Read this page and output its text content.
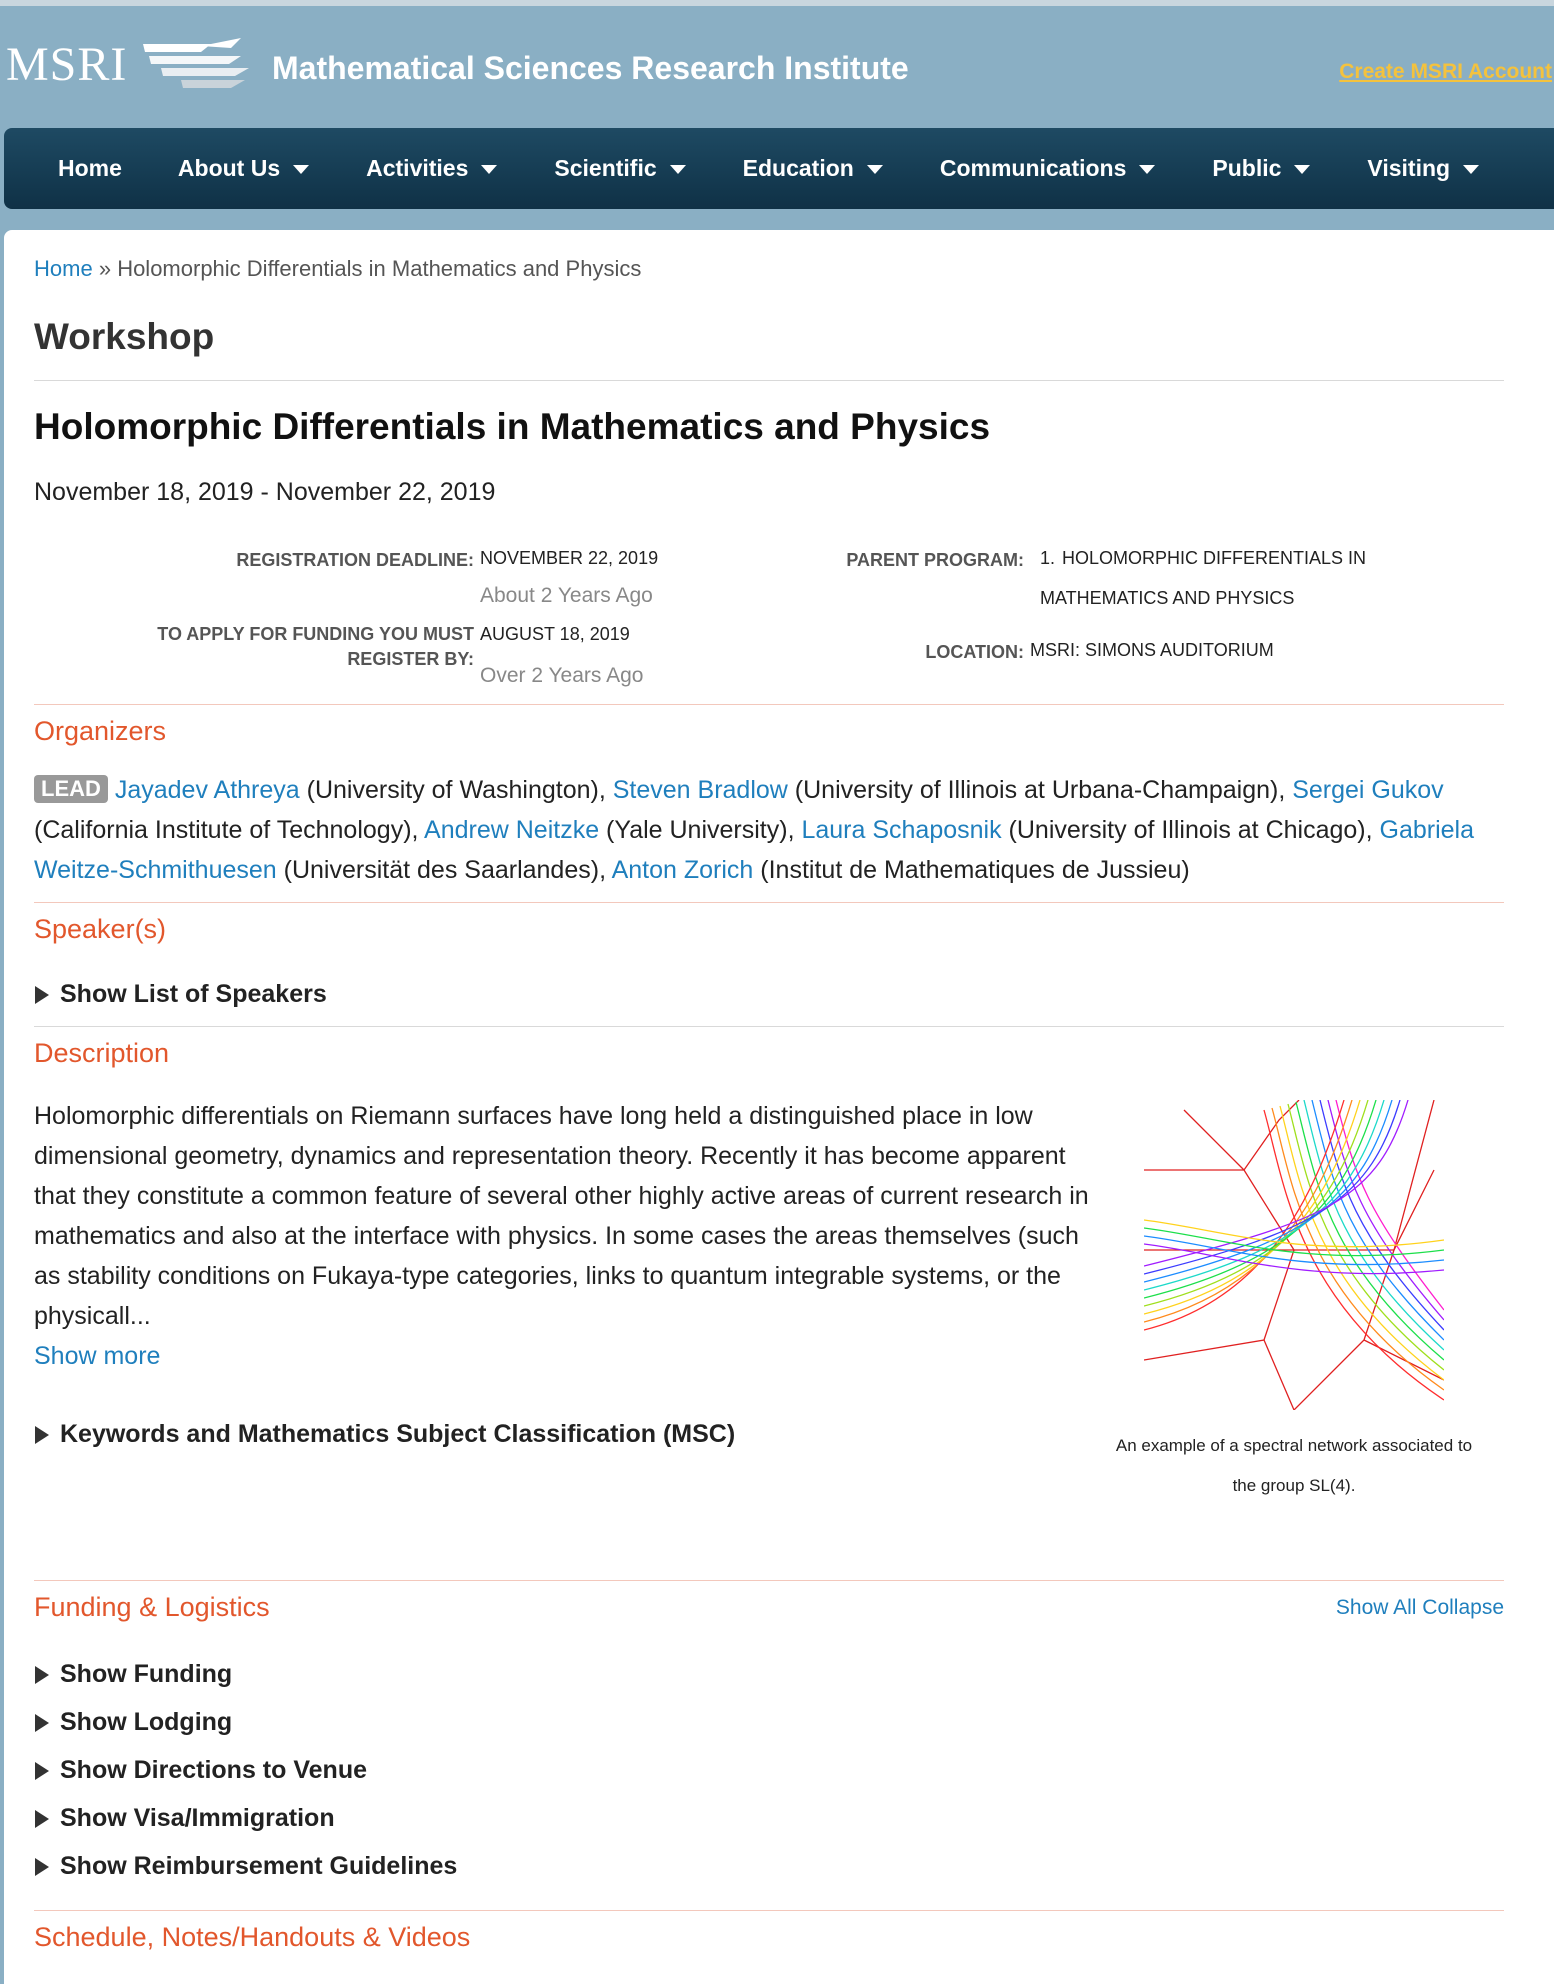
MSRI	Mathematical Sciences Research Institute	Create MSRI Account
Home About Us	Activities	Scientific	Education	Communications	Public	Visiting
Home » Holomorphic Differentials in Mathematics and Physics
Workshop
Holomorphic Differentials in Mathematics and Physics
November 18, 2019 - November 22, 2019
REGISTRATION DEADLINE: NOVEMBER 22, 2019
About 2 Years Ago
TO APPLY FOR FUNDING YOU MUST
REGISTER BY:
AUGUST 18, 2019
Over 2 Years Ago
PARENT PROGRAM: 1. HOLOMORPHIC DIFFERENTIALS IN
MATHEMATICS AND PHYSICS
LOCATION: MSRI: SIMONS AUDITORIUM
Organizers
LEAD Jayadev Athreya (University of Washington), Steven Bradlow (University of Illinois at Urbana-Champaign), Sergei Gukov (California Institute of Technology), Andrew Neitzke (Yale University), Laura Schaposnik (University of Illinois at Chicago), Gabriela Weitze-Schmithuesen (Universität des Saarlandes), Anton Zorich (Institut de Mathematiques de Jussieu)
Speaker(s)
Show List of Speakers
Description
Holomorphic differentials on Riemann surfaces have long held a distinguished place in low dimensional geometry, dynamics and representation theory. Recently it has become apparent that they constitute a common feature of several other highly active areas of current research in mathematics and also at the interface with physics. In some cases the areas themselves (such as stability conditions on Fukaya-type categories, links to quantum integrable systems, or the physicall...
Show more
An example of a spectral network associated to
the group SL(4).
Keywords and Mathematics Subject Classification (MSC)
Funding & Logistics	Show All Collapse
Show Funding
Show Lodging
Show Directions to Venue
Show Visa/Immigration
Show Reimbursement Guidelines
Schedule, Notes/Handouts & Videos
